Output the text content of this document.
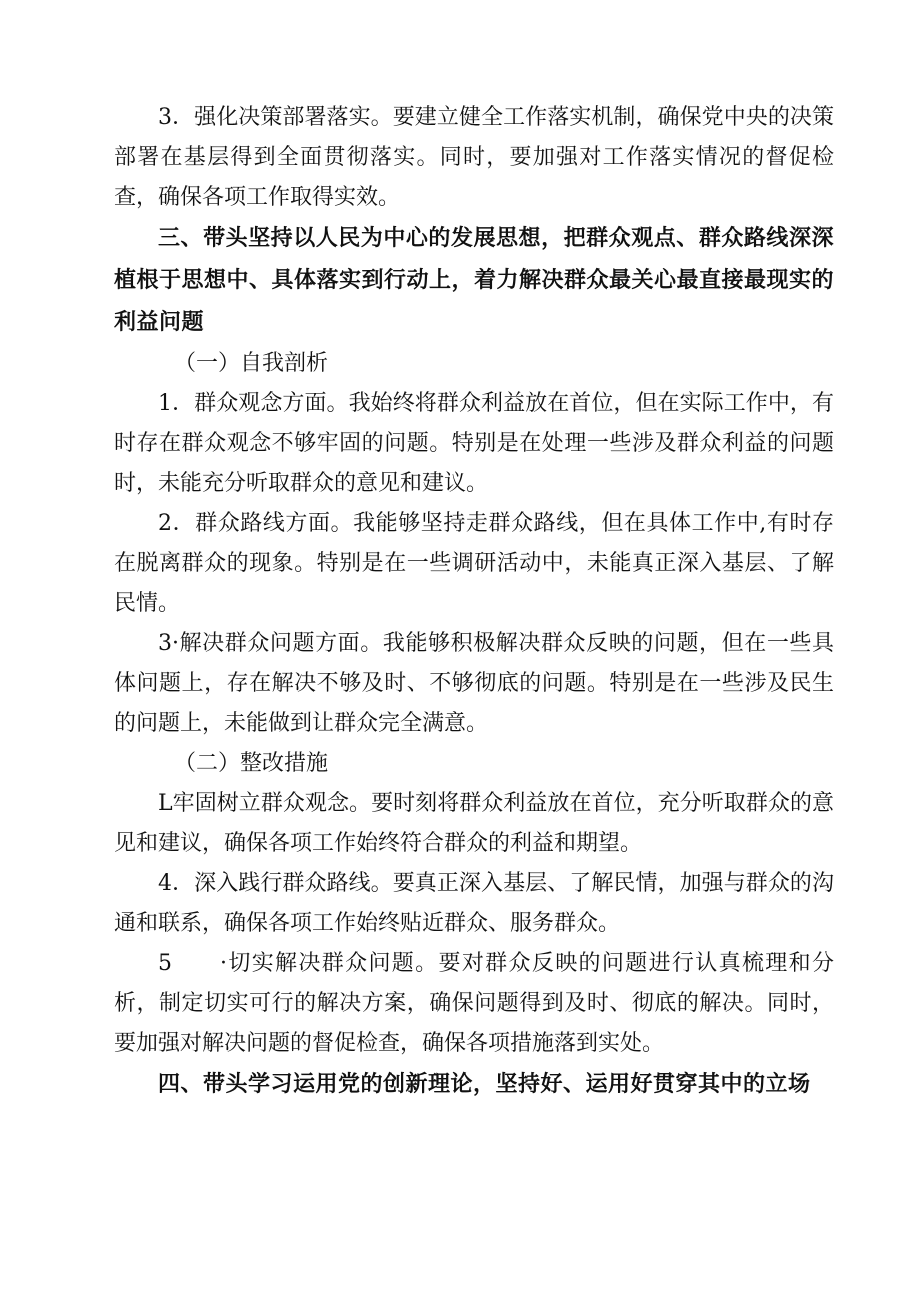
3．强化决策部署落实。要建立健全工作落实机制，确保党中央的决策部署在基层得到全面贯彻落实。同时，要加强对工作落实情况的督促检查，确保各项工作取得实效。

三、带头坚持以人民为中心的发展思想，把群众观点、群众路线深深植根于思想中、具体落实到行动上，着力解决群众最关心最直接最现实的利益问题

（一）自我剖析

1．群众观念方面。我始终将群众利益放在首位，但在实际工作中，有时存在群众观念不够牢固的问题。特别是在处理一些涉及群众利益的问题时，未能充分听取群众的意见和建议。

2．群众路线方面。我能够坚持走群众路线，但在具体工作中,有时存在脱离群众的现象。特别是在一些调研活动中，未能真正深入基层、了解民情。

3·解决群众问题方面。我能够积极解决群众反映的问题，但在一些具体问题上，存在解决不够及时、不够彻底的问题。特别是在一些涉及民生的问题上，未能做到让群众完全满意。

（二）整改措施

L牢固树立群众观念。要时刻将群众利益放在首位，充分听取群众的意见和建议，确保各项工作始终符合群众的利益和期望。

4．深入践行群众路线。要真正深入基层、了解民情，加强与群众的沟通和联系，确保各项工作始终贴近群众、服务群众。

5　　·切实解决群众问题。要对群众反映的问题进行认真梳理和分析，制定切实可行的解决方案，确保问题得到及时、彻底的解决。同时，要加强对解决问题的督促检查，确保各项措施落到实处。

四、带头学习运用党的创新理论，坚持好、运用好贯穿其中的立场
